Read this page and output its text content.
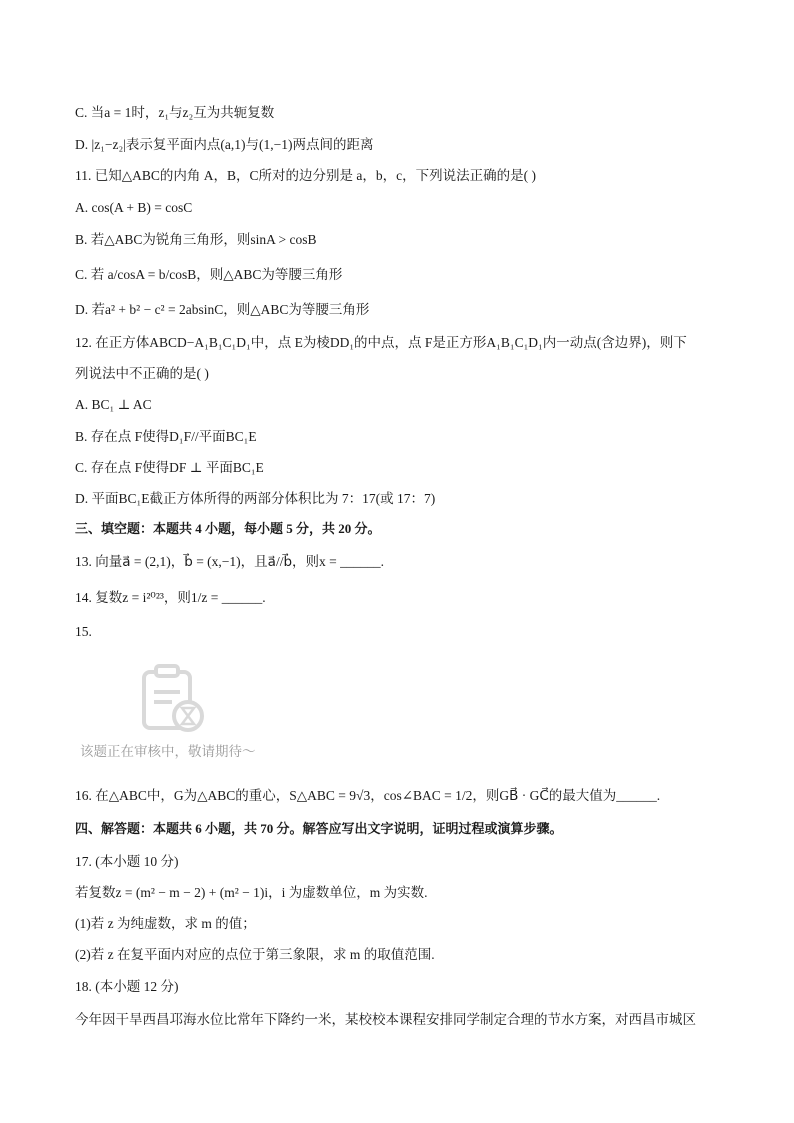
C. 当a = 1时，z₁与z₂互为共轭复数
D. |z₁−z₂|表示复平面内点(a,1)与(1,−1)两点间的距离
11. 已知△ABC的内角 A，B，C所对的边分别是 a，b，c，下列说法正确的是( )
A. cos(A + B) = cosC
B. 若△ABC为锐角三角形，则sinA > cosB
C. 若 a/cosA = b/cosB，则△ABC为等腰三角形
D. 若a² + b² − c² = 2absinC，则△ABC为等腰三角形
12. 在正方体ABCD−A₁B₁C₁D₁中，点 E为棱DD₁的中点，点 F是正方形A₁B₁C₁D₁内一动点(含边界)，则下
列说法中不正确的是( )
A. BC₁ ⊥ AC
B. 存在点 F使得D₁F//平面BC₁E
C. 存在点 F使得DF ⊥ 平面BC₁E
D. 平面BC₁E截正方体所得的两部分体积比为 7：17(或 17：7)
三、填空题：本题共 4 小题，每小题 5 分，共 20 分。
13. 向量a⃗ = (2,1)，b⃗ = (x,−1)，且a⃗//b⃗，则x = ______.
14. 复数z = i²⁰²³，则1/z = ______.
15.
该题正在审核中，敬请期待～
16. 在△ABC中，G为△ABC的重心，S△ABC = 9√3，cos∠BAC = 1/2，则GB⃗ · GC⃗的最大值为______.
四、解答题：本题共 6 小题，共 70 分。解答应写出文字说明，证明过程或演算步骤。
17. (本小题 10 分)
若复数z = (m² − m − 2) + (m² − 1)i，i 为虚数单位，m 为实数.
(1)若 z 为纯虚数，求 m 的值；
(2)若 z 在复平面内对应的点位于第三象限，求 m 的取值范围.
18. (本小题 12 分)
今年因干旱西昌邛海水位比常年下降约一米，某校校本课程安排同学制定合理的节水方案，对西昌市城区
